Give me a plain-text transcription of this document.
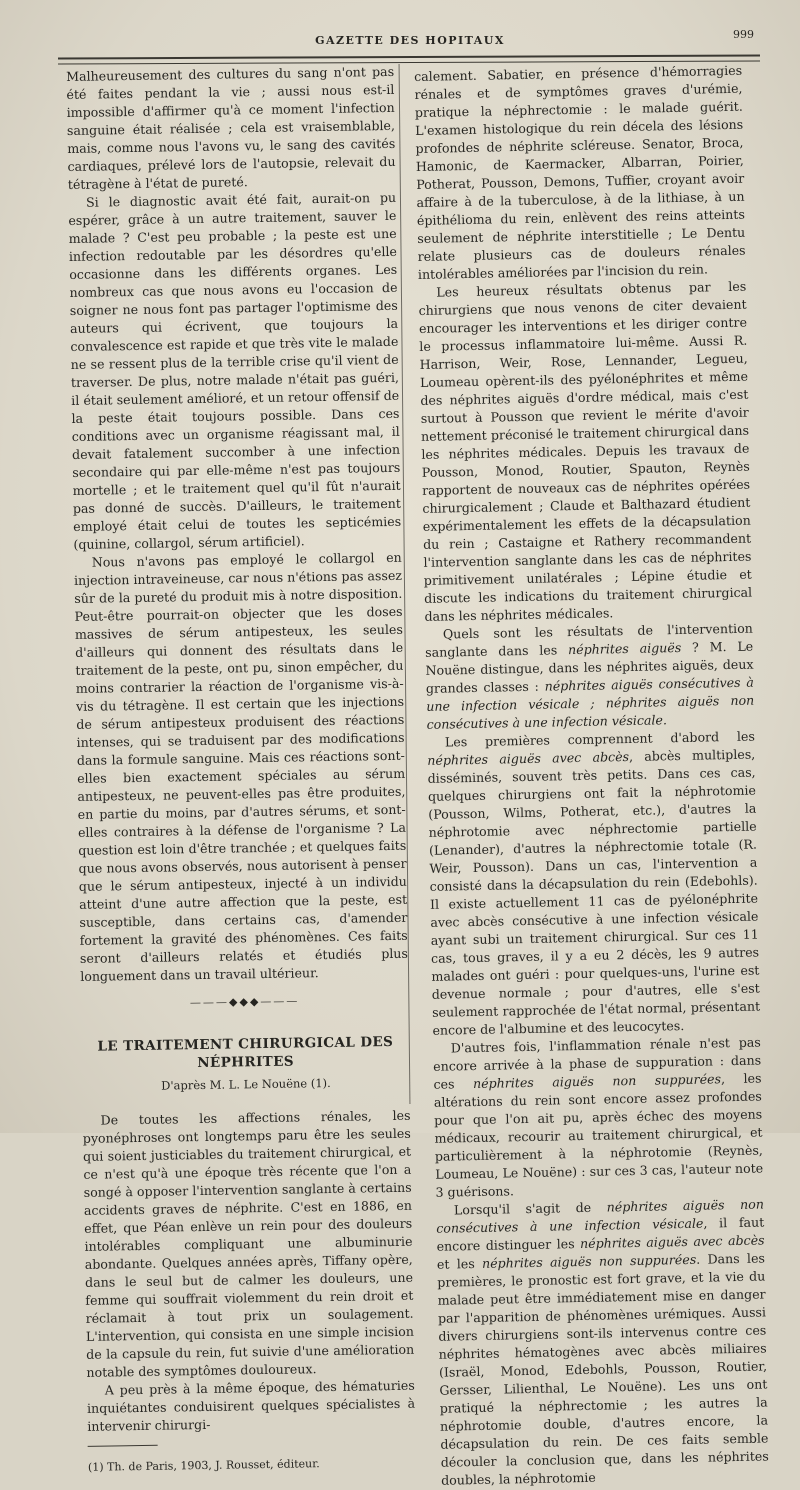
GAZETTE DES HOPITAUX	999

Malheureusement des cultures du sang n'ont pas été faites pendant la vie ; aussi nous est-il impossible d'affirmer qu'à ce moment l'infection sanguine était réalisée ; cela est vraisemblable, mais, comme nous l'avons vu, le sang des cavités cardiaques, prélevé lors de l'autopsie, relevait du tétragène à l'état de pureté.

Si le diagnostic avait été fait, aurait-on pu espérer, grâce à un autre traitement, sauver le malade ? C'est peu probable ; la peste est une infection redoutable par les désordres qu'elle occasionne dans les différents organes. Les nombreux cas que nous avons eu l'occasion de soigner ne nous font pas partager l'optimisme des auteurs qui écrivent, que toujours la convalescence est rapide et que très vite le malade ne se ressent plus de la terrible crise qu'il vient de traverser. De plus, notre malade n'était pas guéri, il était seulement amélioré, et un retour offensif de la peste était toujours possible. Dans ces conditions avec un organisme réagissant mal, il devait fatalement succomber à une infection secondaire qui par elle-même n'est pas toujours mortelle ; et le traitement quel qu'il fût n'aurait pas donné de succès. D'ailleurs, le traitement employé était celui de toutes les septicémies (quinine, collargol, sérum artificiel).

Nous n'avons pas employé le collargol en injection intraveineuse, car nous n'étions pas assez sûr de la pureté du produit mis à notre disposition. Peut-être pourrait-on objecter que les doses massives de sérum antipesteux, les seules d'ailleurs qui donnent des résultats dans le traitement de la peste, ont pu, sinon empêcher, du moins contrarier la réaction de l'organisme vis-à-vis du tétragène. Il est certain que les injections de sérum antipesteux produisent des réactions intenses, qui se traduisent par des modifications dans la formule sanguine. Mais ces réactions sont-elles bien exactement spéciales au sérum antipesteux, ne peuvent-elles pas être produites, en partie du moins, par d'autres sérums, et sont-elles contraires à la défense de l'organisme ? La question est loin d'être tranchée ; et quelques faits que nous avons observés, nous autorisent à penser que le sérum antipesteux, injecté à un individu atteint d'une autre affection que la peste, est susceptible, dans certains cas, d'amender fortement la gravité des phénomènes. Ces faits seront d'ailleurs relatés et étudiés plus longuement dans un travail ultérieur.

———◆◆◆———
LE TRAITEMENT CHIRURGICAL DES NÉPHRITES
D'après M. L. Le Nouëne (1).

De toutes les affections rénales, les pyonéphroses ont longtemps paru être les seules qui soient justiciables du traitement chirurgical, et ce n'est qu'à une époque très récente que l'on a songé à opposer l'intervention sanglante à certains accidents graves de néphrite. C'est en 1886, en effet, que Péan enlève un rein pour des douleurs intolérables compliquant une albuminurie abondante. Quelques années après, Tiffany opère, dans le seul but de calmer les douleurs, une femme qui souffrait violemment du rein droit et réclamait à tout prix un soulagement. L'intervention, qui consista en une simple incision de la capsule du rein, fut suivie d'une amélioration notable des symptômes douloureux.

A peu près à la même époque, des hématuries inquiétantes conduisirent quelques spécialistes à intervenir chirurgi-

(1) Th. de Paris, 1903, J. Rousset, éditeur.

calement. Sabatier, en présence d'hémorragies rénales et de symptômes graves d'urémie, pratique la néphrectomie : le malade guérit. L'examen histologique du rein décela des lésions profondes de néphrite scléreuse. Senator, Broca, Hamonic, de Kaermacker, Albarran, Poirier, Potherat, Pousson, Demons, Tuffier, croyant avoir affaire à de la tuberculose, à de la lithiase, à un épithélioma du rein, enlèvent des reins atteints seulement de néphrite interstitielle ; Le Dentu relate plusieurs cas de douleurs rénales intolérables améliorées par l'incision du rein.

Les heureux résultats obtenus par les chirurgiens que nous venons de citer devaient encourager les interventions et les diriger contre le processus inflammatoire lui-même. Aussi R. Harrison, Weir, Rose, Lennander, Legueu, Loumeau opèrent-ils des pyélonéphrites et même des néphrites aiguës d'ordre médical, mais c'est surtout à Pousson que revient le mérite d'avoir nettement préconisé le traitement chirurgical dans les néphrites médicales. Depuis les travaux de Pousson, Monod, Routier, Spauton, Reynès rapportent de nouveaux cas de néphrites opérées chirurgicalement ; Claude et Balthazard étudient expérimentalement les effets de la décapsulation du rein ; Castaigne et Rathery recommandent l'intervention sanglante dans les cas de néphrites primitivement unilatérales ; Lépine étudie et discute les indications du traitement chirurgical dans les néphrites médicales.

Quels sont les résultats de l'intervention sanglante dans les néphrites aiguës ? M. Le Nouëne distingue, dans les néphrites aiguës, deux grandes classes : néphrites aiguës consécutives à une infection vésicale ; néphrites aiguës non consécutives à une infection vésicale.

Les premières comprennent d'abord les néphrites aiguës avec abcès, abcès multiples, disséminés, souvent très petits. Dans ces cas, quelques chirurgiens ont fait la néphrotomie (Pousson, Wilms, Potherat, etc.), d'autres la néphrotomie avec néphrectomie partielle (Lenander), d'autres la néphrectomie totale (R. Weir, Pousson). Dans un cas, l'intervention a consisté dans la décapsulation du rein (Edebohls). Il existe actuellement 11 cas de pyélonéphrite avec abcès consécutive à une infection vésicale ayant subi un traitement chirurgical. Sur ces 11 cas, tous graves, il y a eu 2 décès, les 9 autres malades ont guéri : pour quelques-uns, l'urine est devenue normale ; pour d'autres, elle s'est seulement rapprochée de l'état normal, présentant encore de l'albumine et des leucocytes.

D'autres fois, l'inflammation rénale n'est pas encore arrivée à la phase de suppuration : dans ces néphrites aiguës non suppurées, les altérations du rein sont encore assez profondes pour que l'on ait pu, après échec des moyens médicaux, recourir au traitement chirurgical, et particulièrement à la néphrotomie (Reynès, Loumeau, Le Nouëne) : sur ces 3 cas, l'auteur note 3 guérisons.

Lorsqu'il s'agit de néphrites aiguës non consécutives à une infection vésicale, il faut encore distinguer les néphrites aiguës avec abcès et les néphrites aiguës non suppurées. Dans les premières, le pronostic est fort grave, et la vie du malade peut être immédiatement mise en danger par l'apparition de phénomènes urémiques. Aussi divers chirurgiens sont-ils intervenus contre ces néphrites hématogènes avec abcès miliaires (Israël, Monod, Edebohls, Pousson, Routier, Gersser, Lilienthal, Le Nouëne). Les uns ont pratiqué la néphrectomie ; les autres la néphrotomie double, d'autres encore, la décapsulation du rein. De ces faits semble découler la conclusion que, dans les néphrites doubles, la néphrotomie
